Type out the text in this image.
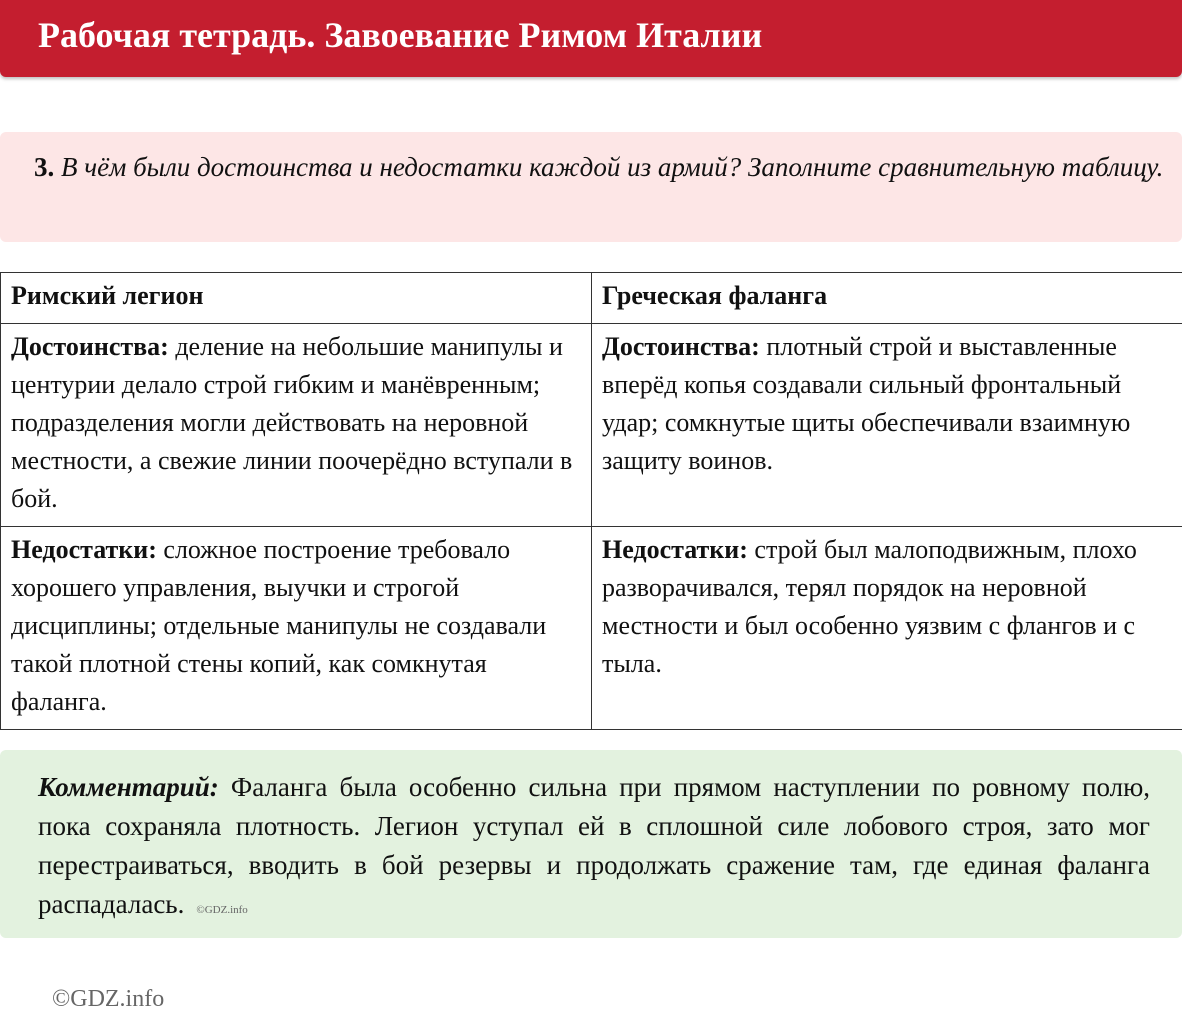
Рабочая тетрадь. Завоевание Римом Италии

3. В чём были достоинства и недостатки каждой из армий? Заполните сравнительную таблицу.

Римский легион	Греческая фаланга
Достоинства: деление на небольшие манипулы и центурии делало строй гибким и манёвренным; подразделения могли действовать на неровной местности, а свежие линии поочерёдно вступали в бой.	Достоинства: плотный строй и выставленные вперёд копья создавали сильный фронтальный удар; сомкнутые щиты обеспечивали взаимную защиту воинов.
Недостатки: сложное построение требовало хорошего управления, выучки и строгой дисциплины; отдельные манипулы не создавали такой плотной стены копий, как сомкнутая фаланга.	Недостатки: строй был малоподвижным, плохо разворачивался, терял порядок на неровной местности и был особенно уязвим с флангов и с тыла.

Комментарий: Фаланга была особенно сильна при прямом наступлении по ровному полю, пока сохраняла плотность. Легион уступал ей в сплошной силе лобового строя, зато мог перестраиваться, вводить в бой резервы и продолжать сражение там, где единая фаланга распадалась. ©GDZ.info

©GDZ.info
